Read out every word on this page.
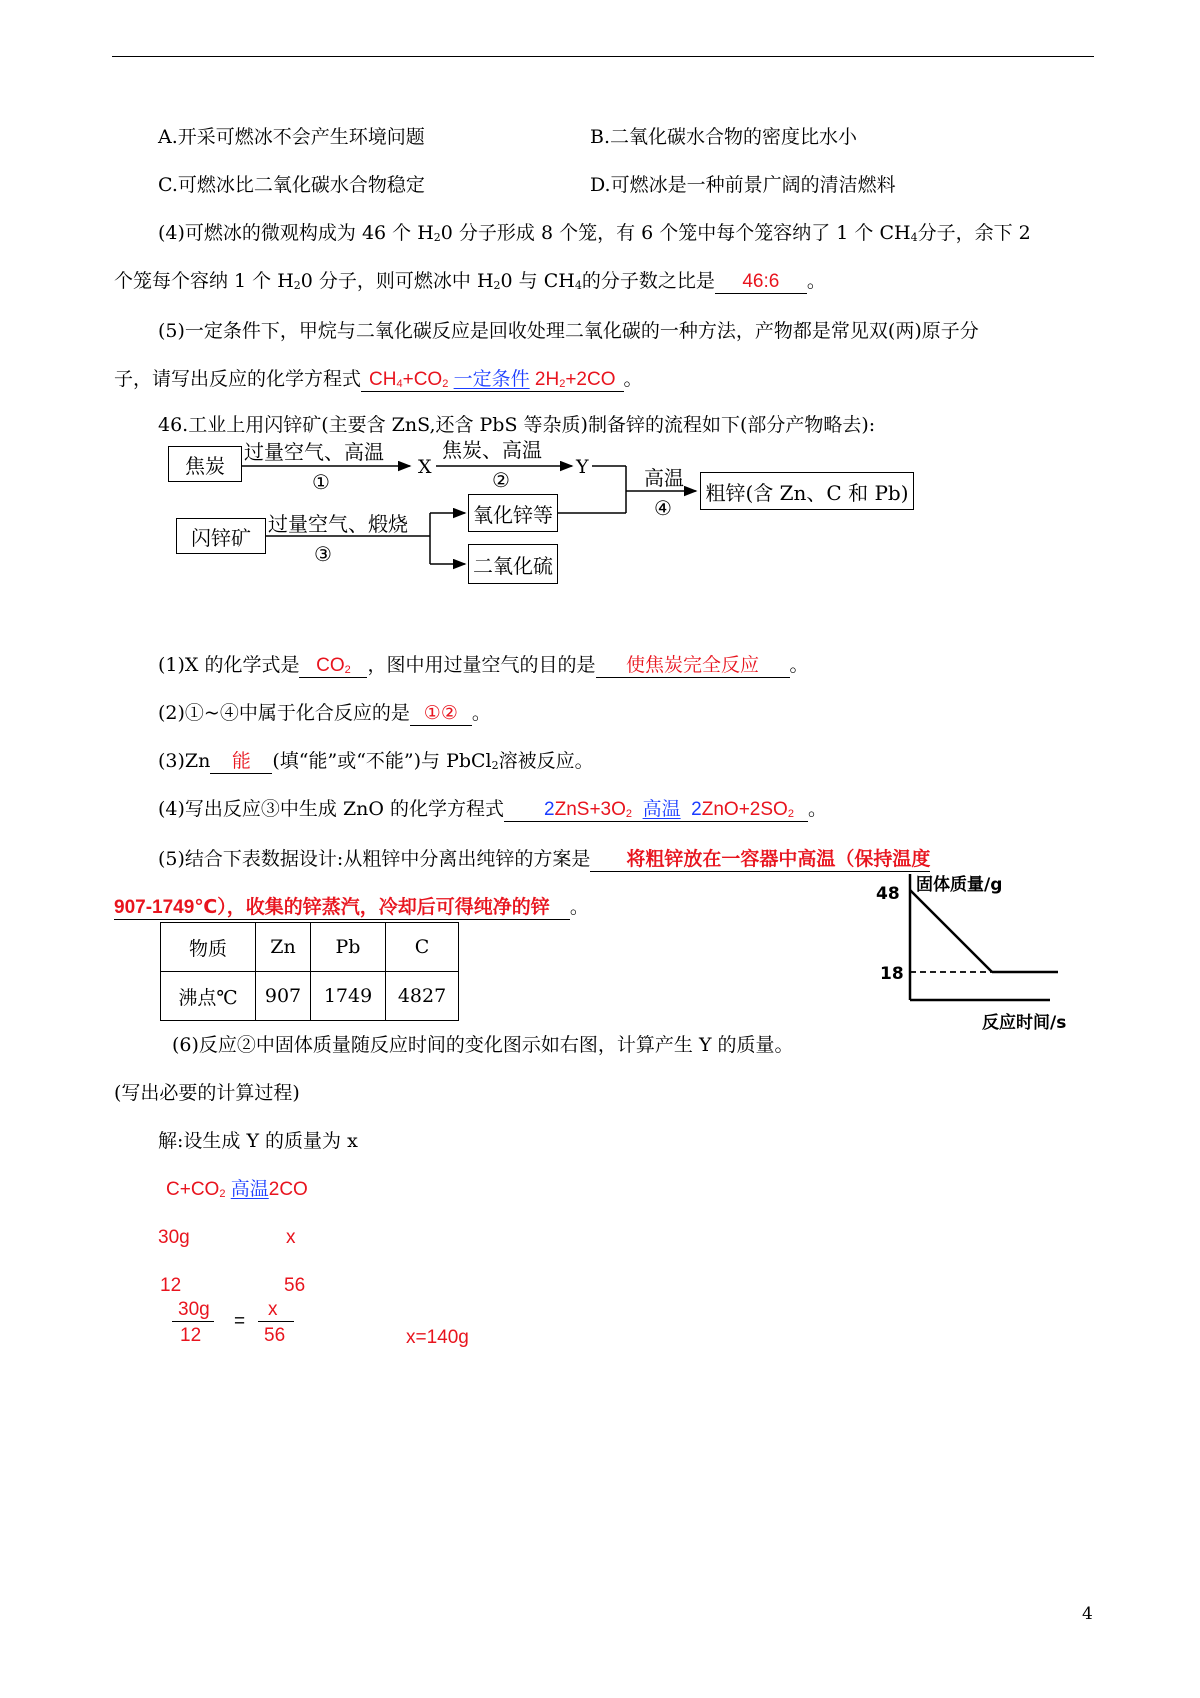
A.开采可燃冰不会产生环境问题	B.二氧化碳水合物的密度比水小
C.可燃冰比二氧化碳水合物稳定	D.可燃冰是一种前景广阔的清洁燃料
(4)可燃冰的微观构成为 46 个 $H_20$ 分子形成 8 个笼，有 6 个笼中每个笼容纳了 1 个 $CH_4$分子，余下 2
个笼每个容纳 1 个 $H_20$ 分子，则可燃冰中 $H_20$ 与 $CH_4$的分子数之比是 46:6 。
(5)一定条件下，甲烷与二氧化碳反应是回收处理二氧化碳的一种方法，产物都是常见双(两)原子分
子，请写出反应的化学方程式 $CH_4+CO_2$ 一定条件 $2H_2+2CO$ 。
46.工业上用闪锌矿(主要含 ZnS,还含 PbS 等杂质)制备锌的流程如下(部分产物略去):
焦炭
过量空气、高温
①
X
焦炭、高温
②
Y	高温
④
粗锌(含 Zn、C 和 Pb)
闪锌矿
过量空气、煅烧
③
氧化锌等
二氧化硫
(1)X 的化学式是 $CO_2$ ，图中用过量空气的目的是 使焦炭完全反应 。
(2)①~④中属于化合反应的是 ①② 。
(3)Zn 能 (填“能”或“不能”)与 PbCl$_2$溶被反应。
(4)写出反应③中生成 ZnO 的化学方程式 $2ZnS+3O_2$ 高温 $2ZnO+2SO_2$ 。
(5)结合下表数据设计:从粗锌中分离出纯锌的方案是 将粗锌放在一容器中高温（保持温度
907-1749℃），收集的锌蒸汽，冷却后可得纯净的锌 。
物质	Zn	Pb	C
沸点℃	907	1749	4827
固体质量/g
48
18
反应时间/s
(6)反应②中固体质量随反应时间的变化图示如右图，计算产生 Y 的质量。
(写出必要的计算过程)
解:设生成 Y 的质量为 x
$C+CO_2$ 高温2CO
30g	x
12	56
30g
12
=
x
56	x=140g
4
